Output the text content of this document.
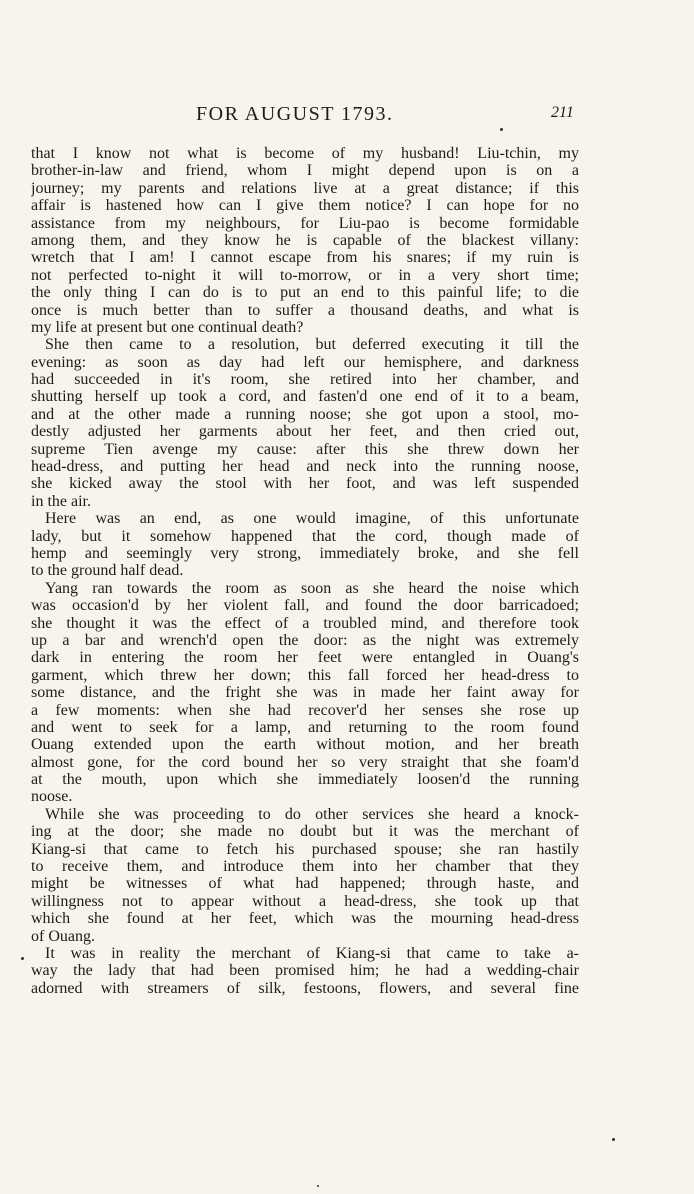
FOR AUGUST 1793.	211
that I know not what is become of my husband! Liu-tchin, my
brother-in-law and friend, whom I might depend upon is on a
journey; my parents and relations live at a great distance; if this
affair is hastened how can I give them notice? I can hope for no
assistance from my neighbours, for Liu-pao is become formidable
among them, and they know he is capable of the blackest villany:
wretch that I am! I cannot escape from his snares; if my ruin is
not perfected to-night it will to-morrow, or in a very short time;
the only thing I can do is to put an end to this painful life; to die
once is much better than to suffer a thousand deaths, and what is
my life at present but one continual death?
She then came to a resolution, but deferred executing it till the
evening: as soon as day had left our hemisphere, and darkness
had succeeded in it's room, she retired into her chamber, and
shutting herself up took a cord, and fasten'd one end of it to a beam,
and at the other made a running noose; she got upon a stool, mo-
destly adjusted her garments about her feet, and then cried out,
supreme Tien avenge my cause: after this she threw down her
head-dress, and putting her head and neck into the running noose,
she kicked away the stool with her foot, and was left suspended
in the air.
Here was an end, as one would imagine, of this unfortunate
lady, but it somehow happened that the cord, though made of
hemp and seemingly very strong, immediately broke, and she fell
to the ground half dead.
Yang ran towards the room as soon as she heard the noise which
was occasion'd by her violent fall, and found the door barricadoed;
she thought it was the effect of a troubled mind, and therefore took
up a bar and wrench'd open the door: as the night was extremely
dark in entering the room her feet were entangled in Ouang's
garment, which threw her down; this fall forced her head-dress to
some distance, and the fright she was in made her faint away for
a few moments: when she had recover'd her senses she rose up
and went to seek for a lamp, and returning to the room found
Ouang extended upon the earth without motion, and her breath
almost gone, for the cord bound her so very straight that she foam'd
at the mouth, upon which she immediately loosen'd the running
noose.
While she was proceeding to do other services she heard a knock-
ing at the door; she made no doubt but it was the merchant of
Kiang-si that came to fetch his purchased spouse; she ran hastily
to receive them, and introduce them into her chamber that they
might be witnesses of what had happened; through haste, and
willingness not to appear without a head-dress, she took up that
which she found at her feet, which was the mourning head-dress
of Ouang.
It was in reality the merchant of Kiang-si that came to take a-
way the lady that had been promised him; he had a wedding-chair
adorned with streamers of silk, festoons, flowers, and several fine
